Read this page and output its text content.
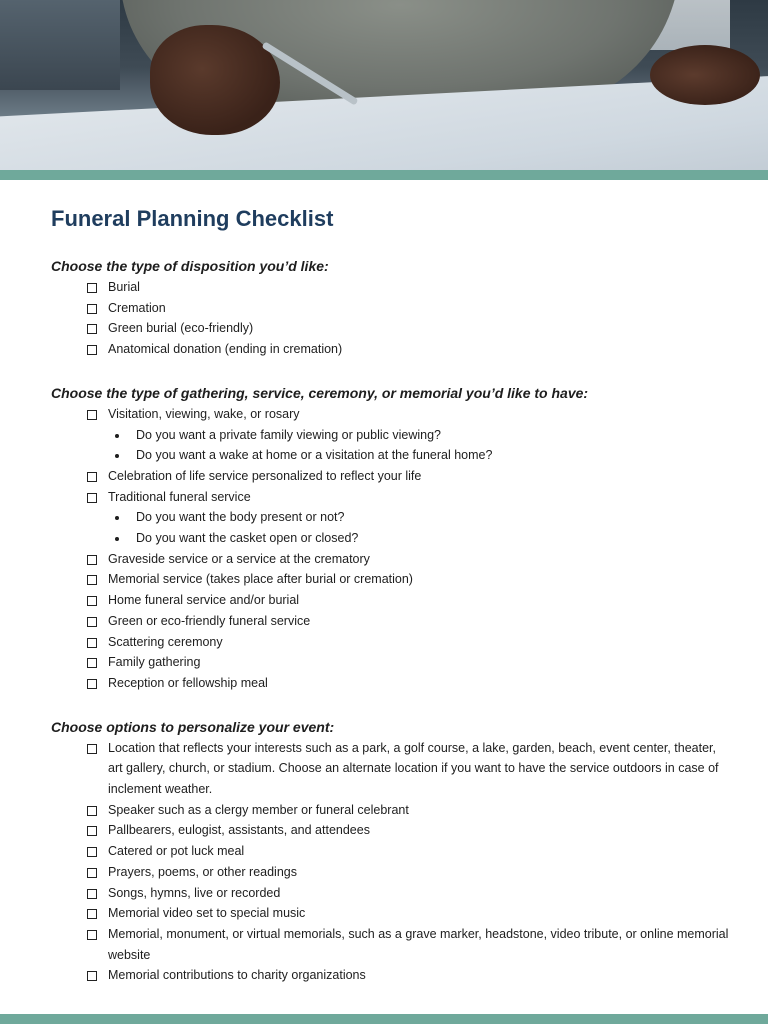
Funeral Planning Checklist
Choose the type of disposition you’d like:
Burial
Cremation
Green burial (eco-friendly)
Anatomical donation (ending in cremation)
Choose the type of gathering, service, ceremony, or memorial you’d like to have:
Visitation, viewing, wake, or rosary
Do you want a private family viewing or public viewing?
Do you want a wake at home or a visitation at the funeral home?
Celebration of life service personalized to reflect your life
Traditional funeral service
Do you want the body present or not?
Do you want the casket open or closed?
Graveside service or a service at the crematory
Memorial service (takes place after burial or cremation)
Home funeral service and/or burial
Green or eco-friendly funeral service
Scattering ceremony
Family gathering
Reception or fellowship meal
Choose options to personalize your event:
Location that reflects your interests such as a park, a golf course, a lake, garden, beach, event center, theater, art gallery, church, or stadium. Choose an alternate location if you want to have the service outdoors in case of inclement weather.
Speaker such as a clergy member or funeral celebrant
Pallbearers, eulogist, assistants, and attendees
Catered or pot luck meal
Prayers, poems, or other readings
Songs, hymns, live or recorded
Memorial video set to special music
Memorial, monument, or virtual memorials, such as a grave marker, headstone, video tribute, or online memorial website
Memorial contributions to charity organizations
